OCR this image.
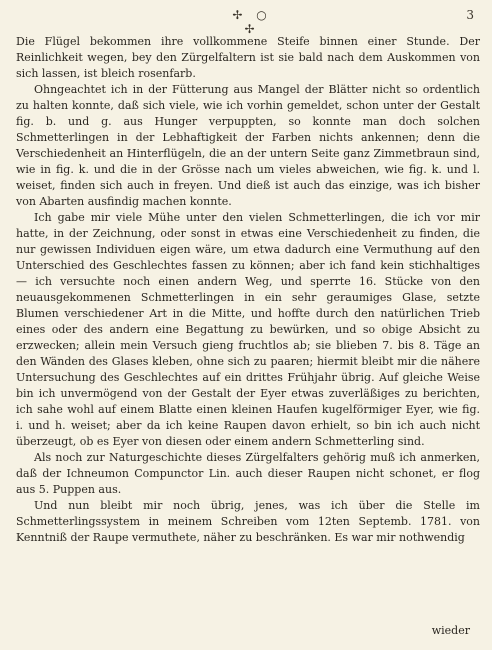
✢ ○ ✢
3

Die Flügel bekommen ihre vollkommene Steife binnen einer Stunde. Der Reinlichkeit wegen, bey den Zürgelfaltern ist sie bald nach dem Auskommen von sich lassen, ist bleich rosenfarb.

Ohngeachtet ich in der Fütterung aus Mangel der Blätter nicht so ordentlich zu halten konnte, daß sich viele, wie ich vorhin gemeldet, schon unter der Gestalt fig. b. und g. aus Hunger verpuppten, so konnte man doch solchen Schmetterlingen in der Lebhaftigkeit der Farben nichts ankennen; denn die Verschiedenheit an Hinterflügeln, die an der untern Seite ganz Zimmetbraun sind, wie in fig. k. und die in der Grösse nach um vieles abweichen, wie fig. k. und l. weiset, finden sich auch in freyen. Und dieß ist auch das einzige, was ich bisher von Abarten ausfindig machen konnte.

Ich gabe mir viele Mühe unter den vielen Schmetterlingen, die ich vor mir hatte, in der Zeichnung, oder sonst in etwas eine Verschiedenheit zu finden, die nur gewissen Individuen eigen wäre, um etwa dadurch eine Vermuthung auf den Unterschied des Geschlechtes fassen zu können; aber ich fand kein stichhaltiges — ich versuchte noch einen andern Weg, und sperrte 16. Stücke von den neuausgekommenen Schmetterlingen in ein sehr geraumiges Glase, setzte Blumen verschiedener Art in die Mitte, und hoffte durch den natürlichen Trieb eines oder des andern eine Begattung zu bewürken, und so obige Absicht zu erzwecken; allein mein Versuch gieng fruchtlos ab; sie blieben 7. bis 8. Täge an den Wänden des Glases kleben, ohne sich zu paaren; hiermit bleibt mir die nähere Untersuchung des Geschlechtes auf ein drittes Frühjahr übrig. Auf gleiche Weise bin ich unvermögend von der Gestalt der Eyer etwas zuverläßiges zu berichten, ich sahe wohl auf einem Blatte einen kleinen Haufen kugelförmiger Eyer, wie fig. i. und h. weiset; aber da ich keine Raupen davon erhielt, so bin ich auch nicht überzeugt, ob es Eyer von diesen oder einem andern Schmetterling sind.

Als noch zur Naturgeschichte dieses Zürgelfalters gehörig muß ich anmerken, daß der Ichneumon Compunctor Lin. auch dieser Raupen nicht schonet, er flog aus 5. Puppen aus.

Und nun bleibt mir noch übrig, jenes, was ich über die Stelle im Schmetterlingssystem in meinem Schreiben vom 12ten Septemb. 1781. von Kenntniß der Raupe vermuthete, näher zu beschränken. Es war mir nothwendig

wieder
